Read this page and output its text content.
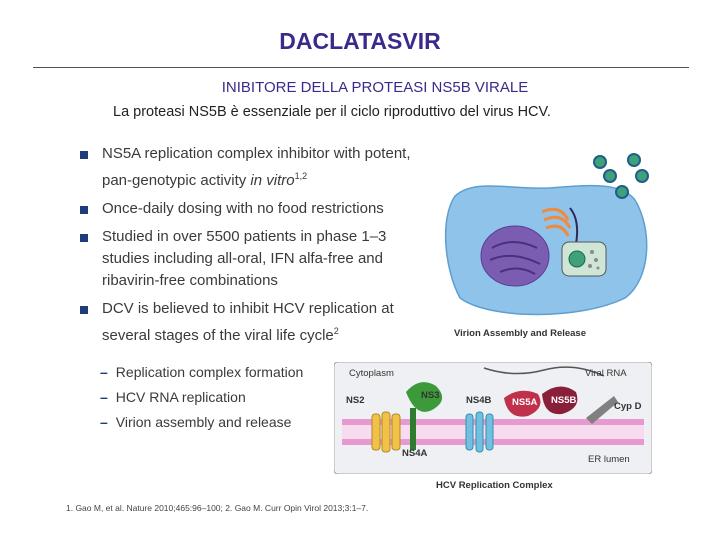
DACLATASVIR
INIBITORE DELLA PROTEASI NS5B VIRALE
La proteasi NS5B è essenziale per il ciclo riproduttivo del virus HCV.
NS5A replication complex inhibitor with potent, pan-genotypic activity in vitro$^{1,2}$
Once-daily dosing with no food restrictions
Studied in over 5500 patients in phase 1–3 studies including all-oral, IFN alfa-free and ribavirin-free combinations
DCV is believed to inhibit HCV replication at several stages of the viral life cycle$^2$
– Replication complex formation
– HCV RNA replication
– Virion assembly and release
Virion Assembly and Release
Cytoplasm	Viral RNA
NS2	NS3
NS4A
NS4B NS5A NS5B
Cyp D
ER lumen
HCV Replication Complex
1. Gao M, et al. Nature 2010;465:96–100; 2. Gao M. Curr Opin Virol 2013;3:1–7.
